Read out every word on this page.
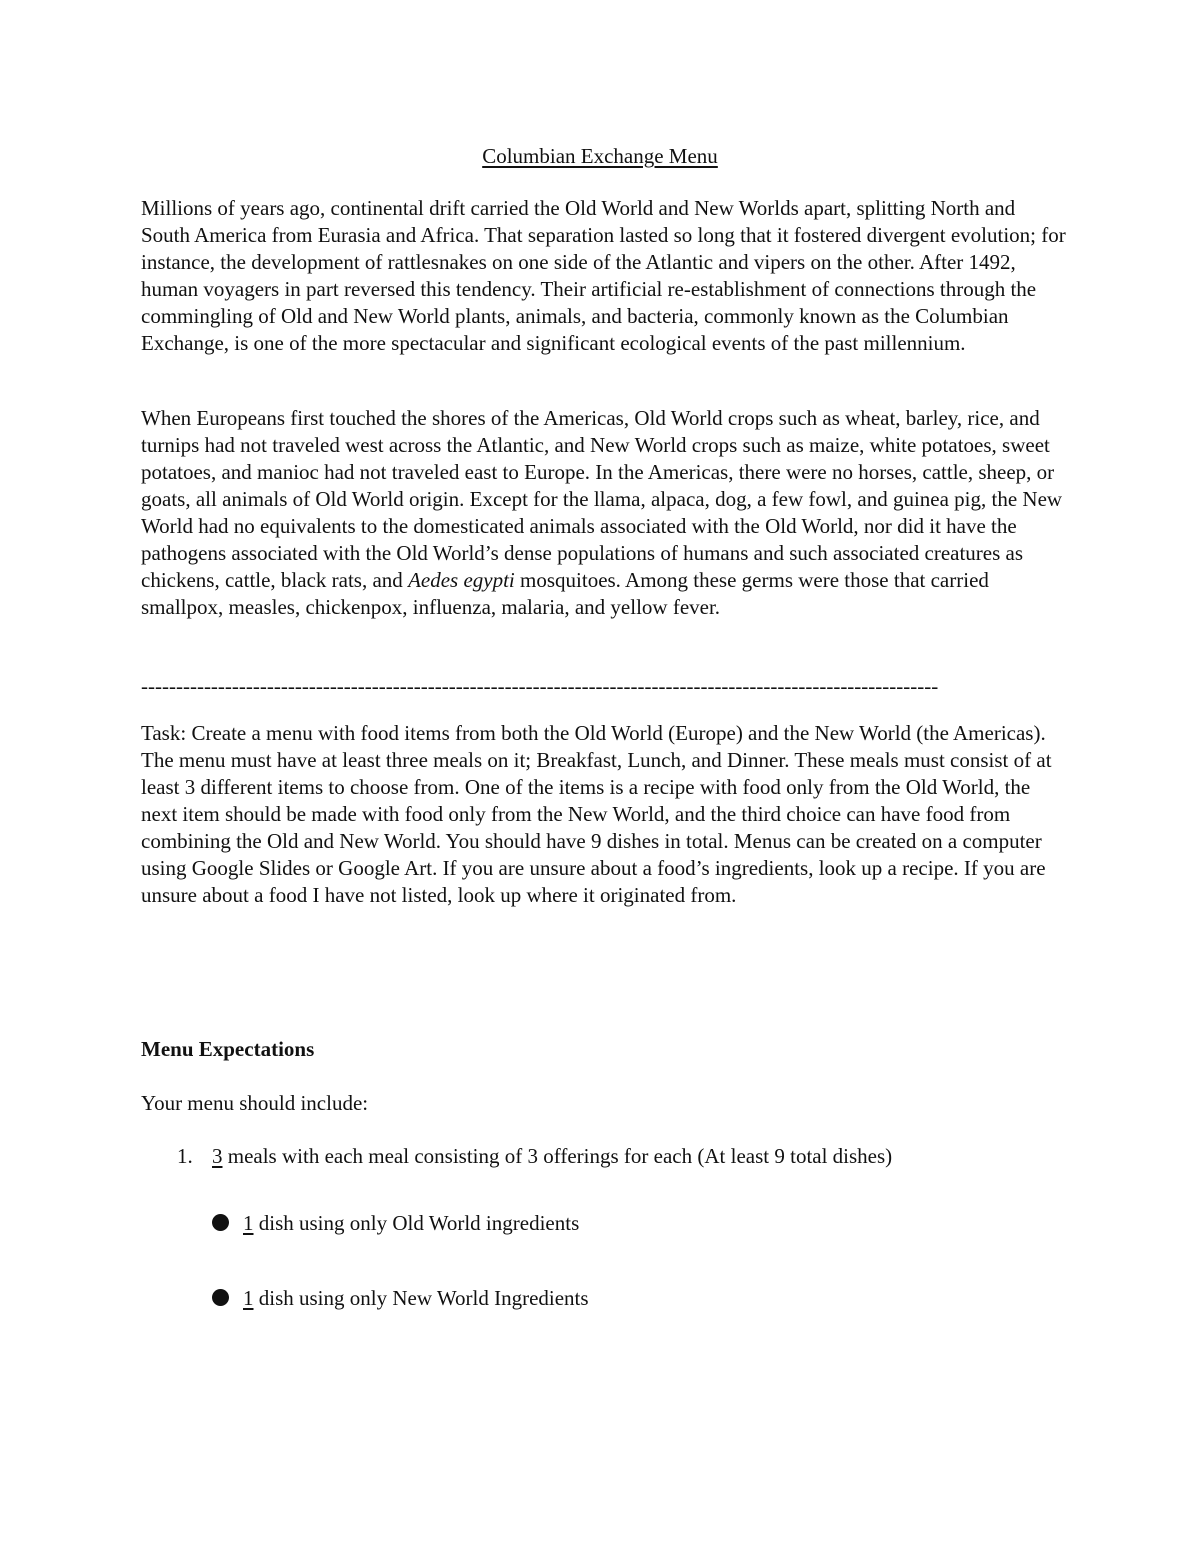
Columbian Exchange Menu

Millions of years ago, continental drift carried the Old World and New Worlds apart, splitting North and South America from Eurasia and Africa. That separation lasted so long that it fostered divergent evolution; for instance, the development of rattlesnakes on one side of the Atlantic and vipers on the other. After 1492, human voyagers in part reversed this tendency. Their artificial re-establishment of connections through the commingling of Old and New World plants, animals, and bacteria, commonly known as the Columbian Exchange, is one of the more spectacular and significant ecological events of the past millennium.

When Europeans first touched the shores of the Americas, Old World crops such as wheat, barley, rice, and turnips had not traveled west across the Atlantic, and New World crops such as maize, white potatoes, sweet potatoes, and manioc had not traveled east to Europe. In the Americas, there were no horses, cattle, sheep, or goats, all animals of Old World origin. Except for the llama, alpaca, dog, a few fowl, and guinea pig, the New World had no equivalents to the domesticated animals associated with the Old World, nor did it have the pathogens associated with the Old World’s dense populations of humans and such associated creatures as chickens, cattle, black rats, and Aedes egypti mosquitoes. Among these germs were those that carried smallpox, measles, chickenpox, influenza, malaria, and yellow fever.

------------------------------------------------------------------------------------------------------------------

Task: Create a menu with food items from both the Old World (Europe) and the New World (the Americas). The menu must have at least three meals on it; Breakfast, Lunch, and Dinner. These meals must consist of at least 3 different items to choose from. One of the items is a recipe with food only from the Old World, the next item should be made with food only from the New World, and the third choice can have food from combining the Old and New World. You should have 9 dishes in total. Menus can be created on a computer using Google Slides or Google Art. If you are unsure about a food’s ingredients, look up a recipe. If you are unsure about a food I have not listed, look up where it originated from.

Menu Expectations
Your menu should include:
1. 3 meals with each meal consisting of 3 offerings for each (At least 9 total dishes)
1 dish using only Old World ingredients
1 dish using only New World Ingredients
